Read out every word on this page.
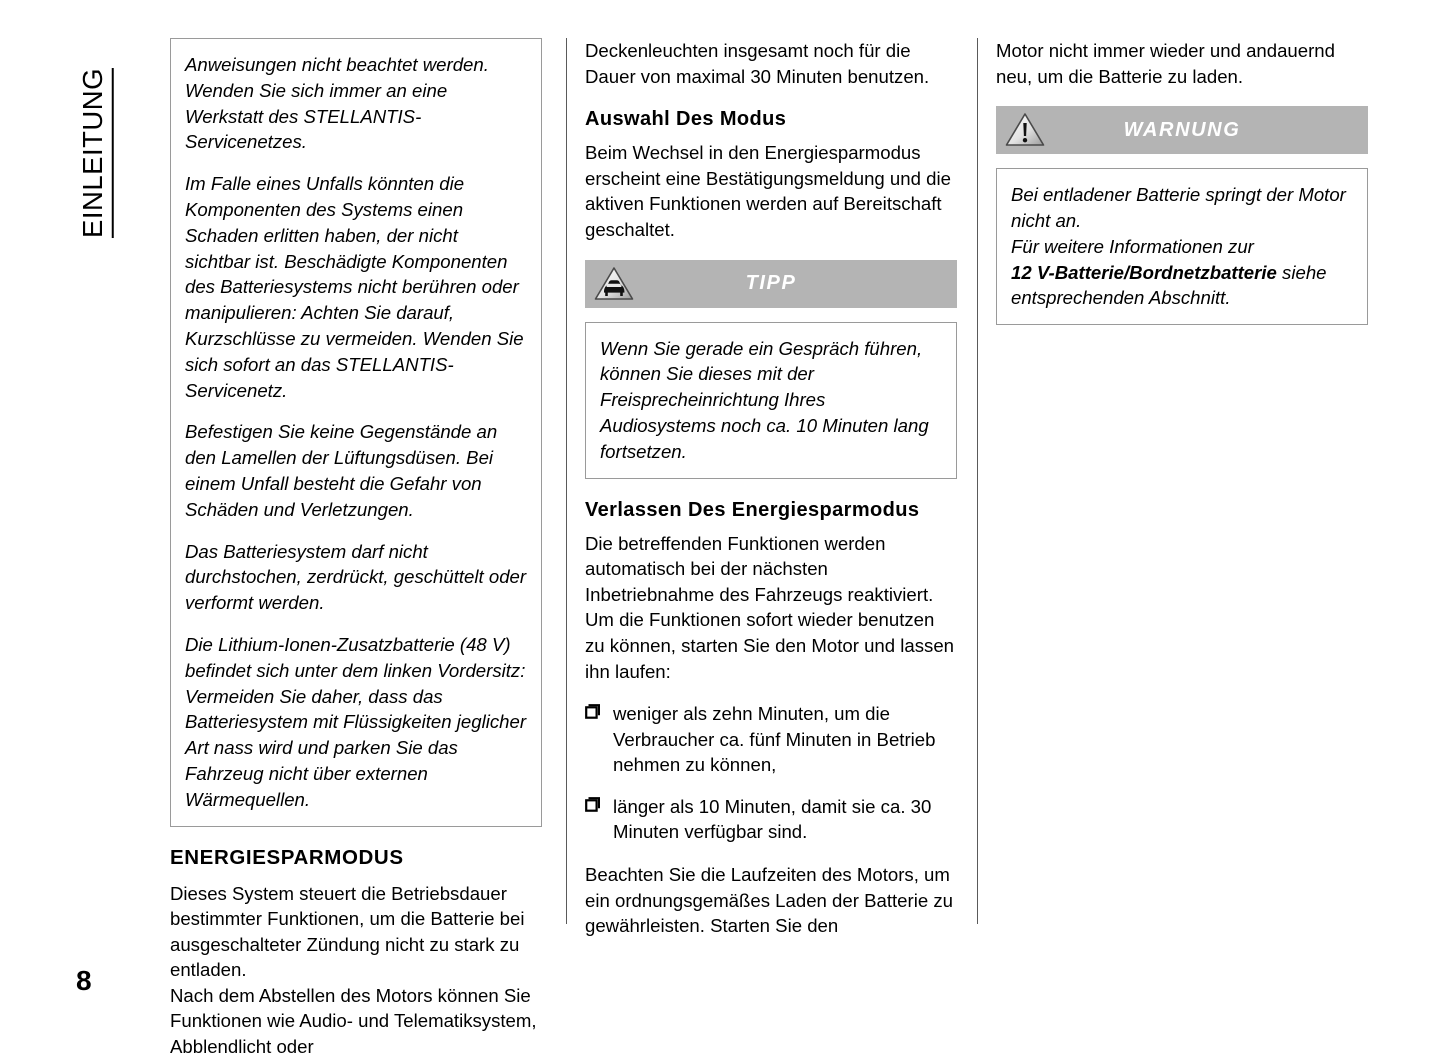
EINLEITUNG

Anweisungen nicht beachtet werden. Wenden Sie sich immer an eine Werkstatt des STELLANTIS-Servicenetzes.

Im Falle eines Unfalls könnten die Komponenten des Systems einen Schaden erlitten haben, der nicht sichtbar ist. Beschädigte Komponenten des Batteriesystems nicht berühren oder manipulieren: Achten Sie darauf, Kurzschlüsse zu vermeiden. Wenden Sie sich sofort an das STELLANTIS-Servicenetz.

Befestigen Sie keine Gegenstände an den Lamellen der Lüftungsdüsen. Bei einem Unfall besteht die Gefahr von Schäden und Verletzungen.

Das Batteriesystem darf nicht durchstochen, zerdrückt, geschüttelt oder verformt werden.

Die Lithium-Ionen-Zusatzbatterie (48 V) befindet sich unter dem linken Vordersitz: Vermeiden Sie daher, dass das Batteriesystem mit Flüssigkeiten jeglicher Art nass wird und parken Sie das Fahrzeug nicht über externen Wärmequellen.

ENERGIESPARMODUS

Dieses System steuert die Betriebsdauer bestimmter Funktionen, um die Batterie bei ausgeschalteter Zündung nicht zu stark zu entladen.

Nach dem Abstellen des Motors können Sie Funktionen wie Audio- und Telematiksystem, Abblendlicht oder

Deckenleuchten insgesamt noch für die Dauer von maximal 30 Minuten benutzen.

Auswahl Des Modus

Beim Wechsel in den Energiesparmodus erscheint eine Bestätigungsmeldung und die aktiven Funktionen werden auf Bereitschaft geschaltet.

TIPP

Wenn Sie gerade ein Gespräch führen, können Sie dieses mit der Freisprecheinrichtung Ihres Audiosystems noch ca. 10 Minuten lang fortsetzen.

Verlassen Des Energiesparmodus

Die betreffenden Funktionen werden automatisch bei der nächsten Inbetriebnahme des Fahrzeugs reaktiviert. Um die Funktionen sofort wieder benutzen zu können, starten Sie den Motor und lassen ihn laufen:

weniger als zehn Minuten, um die Verbraucher ca. fünf Minuten in Betrieb nehmen zu können,
länger als 10 Minuten, damit sie ca. 30 Minuten verfügbar sind.

Beachten Sie die Laufzeiten des Motors, um ein ordnungsgemäßes Laden der Batterie zu gewährleisten. Starten Sie den

Motor nicht immer wieder und andauernd neu, um die Batterie zu laden.

WARNUNG

Bei entladener Batterie springt der Motor nicht an.
Für weitere Informationen zur
12 V-Batterie/Bordnetzbatterie siehe entsprechenden Abschnitt.

8
